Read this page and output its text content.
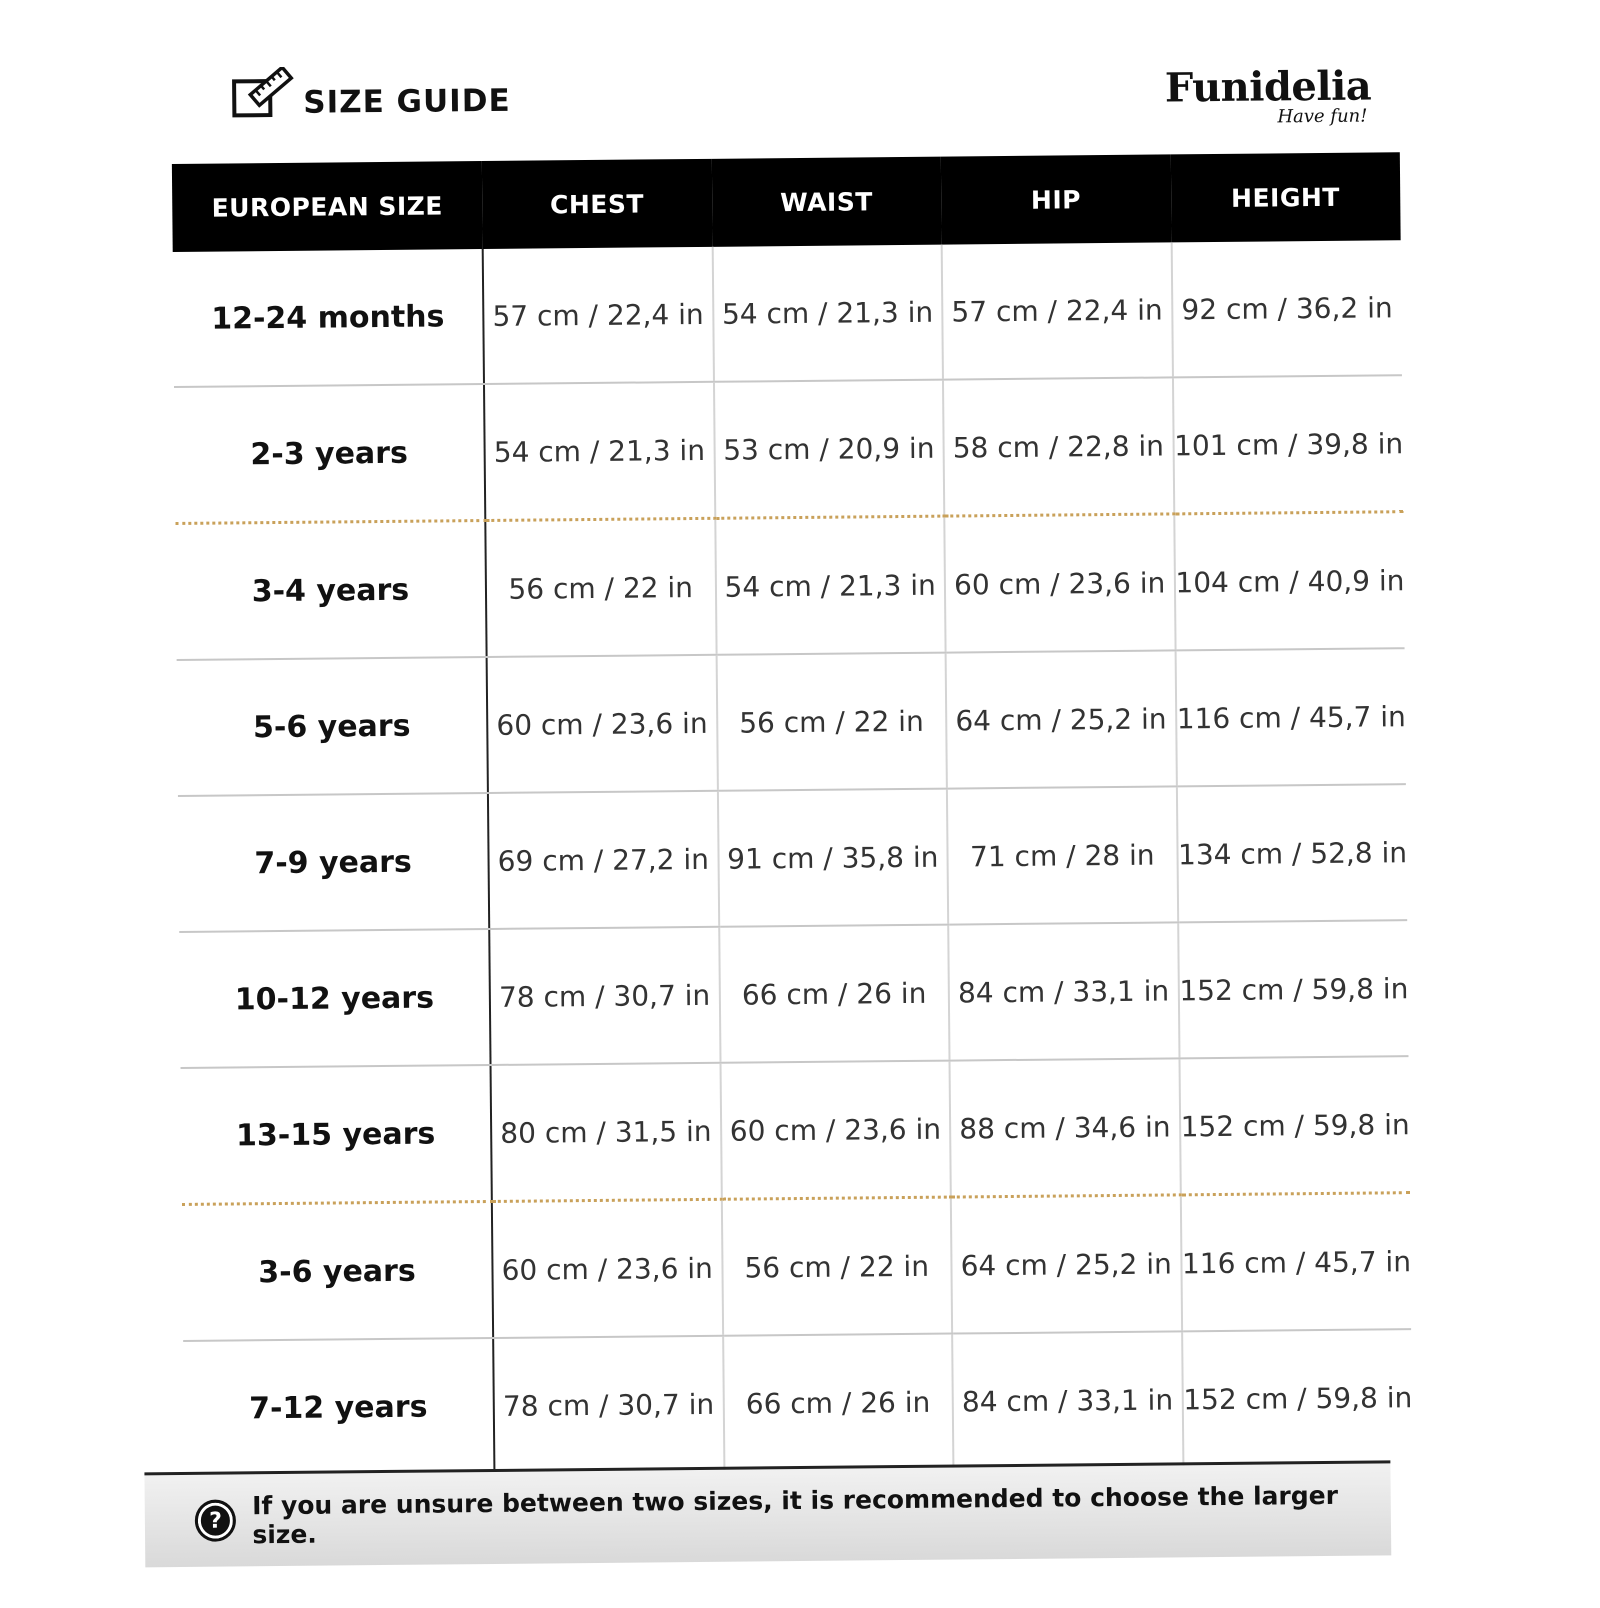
SIZE GUIDE	Funidelia
Have fun!
EUROPEAN SIZE	CHEST	WAIST	HIP	HEIGHT
12-24 months	57 cm / 22,4 in	54 cm / 21,3 in	57 cm / 22,4 in	92 cm / 36,2 in
2-3 years	54 cm / 21,3 in	53 cm / 20,9 in	58 cm / 22,8 in	101 cm / 39,8 in
3-4 years	56 cm / 22 in	54 cm / 21,3 in	60 cm / 23,6 in	104 cm / 40,9 in
5-6 years	60 cm / 23,6 in	56 cm / 22 in	64 cm / 25,2 in	116 cm / 45,7 in
7-9 years	69 cm / 27,2 in	91 cm / 35,8 in	71 cm / 28 in	134 cm / 52,8 in
10-12 years	78 cm / 30,7 in	66 cm / 26 in	84 cm / 33,1 in	152 cm / 59,8 in
13-15 years	80 cm / 31,5 in	60 cm / 23,6 in	88 cm / 34,6 in	152 cm / 59,8 in
3-6 years	60 cm / 23,6 in	56 cm / 22 in	64 cm / 25,2 in	116 cm / 45,7 in
7-12 years	78 cm / 30,7 in	66 cm / 26 in	84 cm / 33,1 in	152 cm / 59,8 in
?
If you are unsure between two sizes, it is recommended to choose the larger size.
